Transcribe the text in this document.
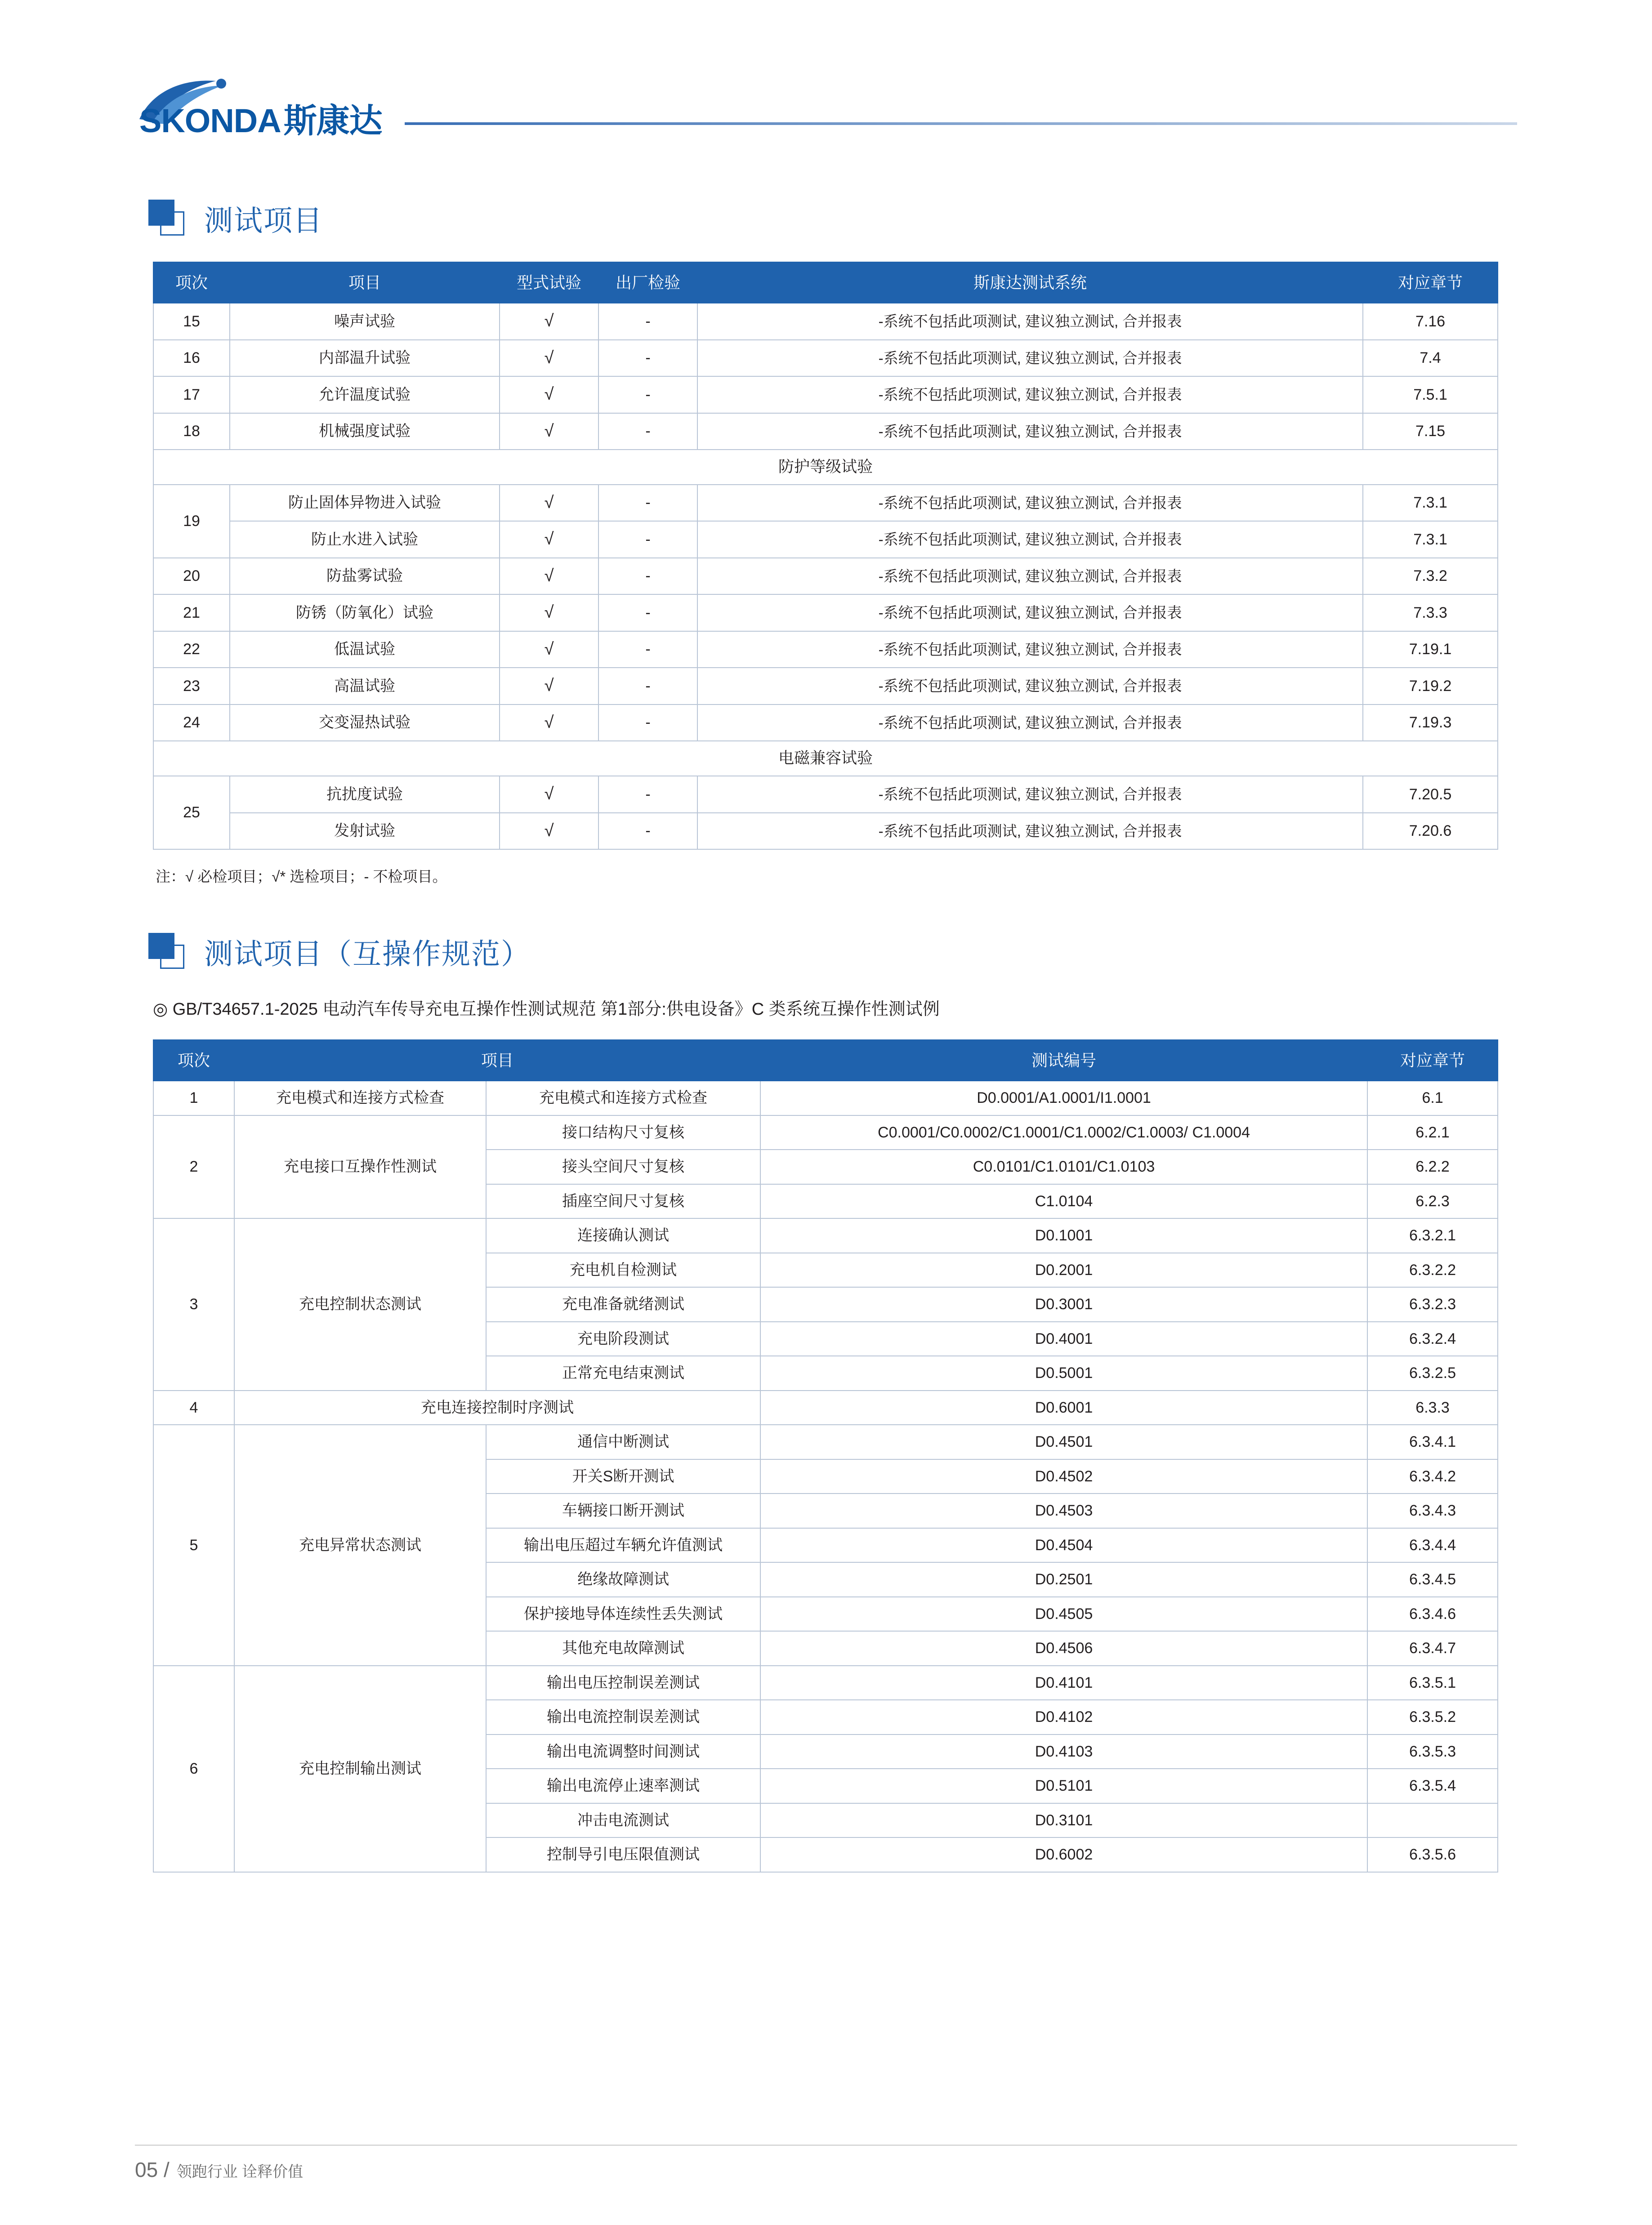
SKONDA斯康达
测试项目
项次	项目	型式试验	出厂检验	斯康达测试系统	对应章节
15	噪声试验	√	-	-系统不包括此项测试, 建议独立测试, 合并报表	7.16
16	内部温升试验	√	-	-系统不包括此项测试, 建议独立测试, 合并报表	7.4
17	允许温度试验	√	-	-系统不包括此项测试, 建议独立测试, 合并报表	7.5.1
18	机械强度试验	√	-	-系统不包括此项测试, 建议独立测试, 合并报表	7.15
防护等级试验					
19	防止固体异物进入试验	√	-	-系统不包括此项测试, 建议独立测试, 合并报表	7.3.1
	防止水进入试验	√	-	-系统不包括此项测试, 建议独立测试, 合并报表	7.3.1
20	防盐雾试验	√	-	-系统不包括此项测试, 建议独立测试, 合并报表	7.3.2
21	防锈（防氧化）试验	√	-	-系统不包括此项测试, 建议独立测试, 合并报表	7.3.3
22	低温试验	√	-	-系统不包括此项测试, 建议独立测试, 合并报表	7.19.1
23	高温试验	√	-	-系统不包括此项测试, 建议独立测试, 合并报表	7.19.2
24	交变湿热试验	√	-	-系统不包括此项测试, 建议独立测试, 合并报表	7.19.3
电磁兼容试验					
25	抗扰度试验	√	-	-系统不包括此项测试, 建议独立测试, 合并报表	7.20.5
	发射试验	√	-	-系统不包括此项测试, 建议独立测试, 合并报表	7.20.6
注：√ 必检项目；√* 选检项目；- 不检项目。
测试项目（互操作规范）
◎ GB/T34657.1-2025 电动汽车传导充电互操作性测试规范 第1部分:供电设备》C 类系统互操作性测试例
项次	项目		测试编号	对应章节
1	充电模式和连接方式检查	充电模式和连接方式检查	D0.0001/A1.0001/I1.0001	6.1
2	充电接口互操作性测试	接口结构尺寸复核	C0.0001/C0.0002/C1.0001/C1.0002/C1.0003/ C1.0004	6.2.1
		接头空间尺寸复核	C0.0101/C1.0101/C1.0103	6.2.2
		插座空间尺寸复核	C1.0104	6.2.3
3	充电控制状态测试	连接确认测试	D0.1001	6.3.2.1
		充电机自检测试	D0.2001	6.3.2.2
		充电准备就绪测试	D0.3001	6.3.2.3
		充电阶段测试	D0.4001	6.3.2.4
		正常充电结束测试	D0.5001	6.3.2.5
4	充电连接控制时序测试		D0.6001	6.3.3
5	充电异常状态测试	通信中断测试	D0.4501	6.3.4.1
		开关S断开测试	D0.4502	6.3.4.2
		车辆接口断开测试	D0.4503	6.3.4.3
		输出电压超过车辆允许值测试	D0.4504	6.3.4.4
		绝缘故障测试	D0.2501	6.3.4.5
		保护接地导体连续性丢失测试	D0.4505	6.3.4.6
		其他充电故障测试	D0.4506	6.3.4.7
6	充电控制输出测试	输出电压控制误差测试	D0.4101	6.3.5.1
		输出电流控制误差测试	D0.4102	6.3.5.2
		输出电流调整时间测试	D0.4103	6.3.5.3
		输出电流停止速率测试	D0.5101	6.3.5.4
		冲击电流测试	D0.3101	
		控制导引电压限值测试	D0.6002	6.3.5.6
05 / 领跑行业 诠释价值
